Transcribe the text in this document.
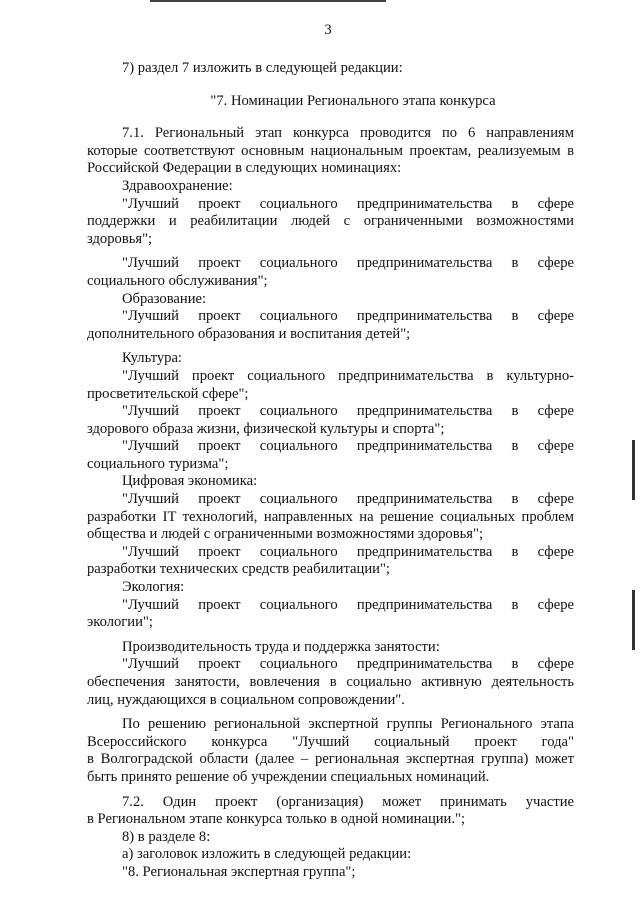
3

7) раздел 7 изложить в следующей редакции:

"7. Номинации Регионального этапа конкурса

7.1. Региональный этап конкурса проводится по 6 направлениям

которые соответствуют основным национальным проектам, реализуемым в

Российской Федерации в следующих номинациях:

Здравоохранение:

"Лучший проект социального предпринимательства в сфере

поддержки и реабилитации людей с ограниченными возможностями

здоровья";

"Лучший проект социального предпринимательства в сфере

социального обслуживания";

Образование:

"Лучший проект социального предпринимательства в сфере

дополнительного образования и воспитания детей";

Культура:

"Лучший проект социального предпринимательства в культурно-

просветительской сфере";

"Лучший проект социального предпринимательства в сфере

здорового образа жизни, физической культуры и спорта";

"Лучший проект социального предпринимательства в сфере

социального туризма";

Цифровая экономика:

"Лучший проект социального предпринимательства в сфере

разработки IT технологий, направленных на решение социальных проблем

общества и людей с ограниченными возможностями здоровья";

"Лучший проект социального предпринимательства в сфере

разработки технических средств реабилитации";

Экология:

"Лучший проект социального предпринимательства в сфере

экологии";

Производительность труда и поддержка занятости:

"Лучший проект социального предпринимательства в сфере

обеспечения занятости, вовлечения в социально активную деятельность

лиц, нуждающихся в социальном сопровождении".

По решению региональной экспертной группы Регионального этапа

Всероссийского конкурса "Лучший социальный проект года"

в Волгоградской области (далее – региональная экспертная группа) может

быть принято решение об учреждении специальных номинаций.

7.2. Один проект (организация) может принимать участие

в Региональном этапе конкурса только в одной номинации.";

8) в разделе 8:

а) заголовок изложить в следующей редакции:

"8. Региональная экспертная группа";
